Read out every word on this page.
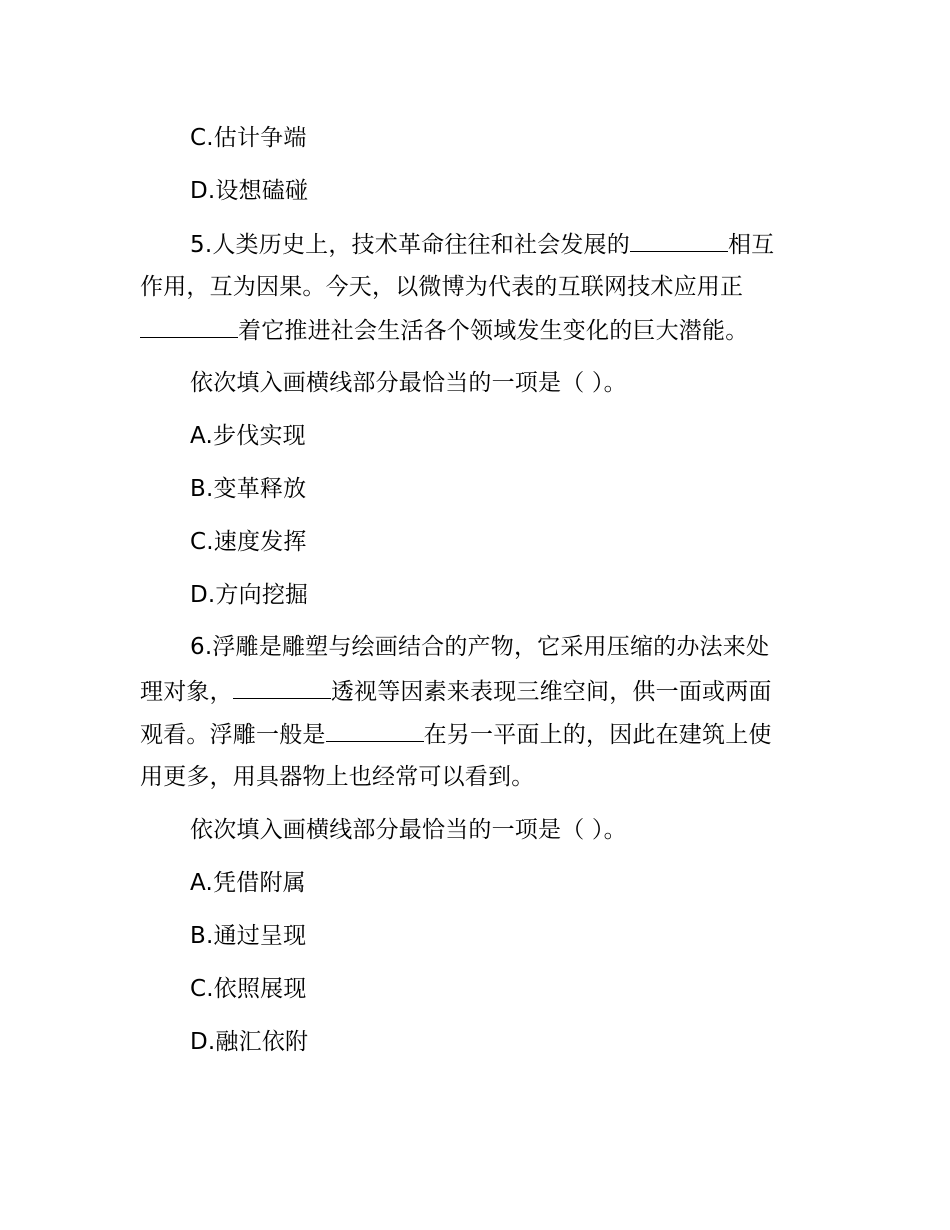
C.估计争端
D.设想磕碰
5.人类历史上，技术革命往往和社会发展的	相互
作用，互为因果。今天，以微博为代表的互联网技术应用正
着它推进社会生活各个领域发生变化的巨大潜能。
依次填入画横线部分最恰当的一项是（ ）。
A.步伐实现
B.变革释放
C.速度发挥
D.方向挖掘
6.浮雕是雕塑与绘画结合的产物，它采用压缩的办法来处
理对象，	透视等因素来表现三维空间，供一面或两面
观看。浮雕一般是	在另一平面上的，因此在建筑上使
用更多，用具器物上也经常可以看到。
依次填入画横线部分最恰当的一项是（ ）。
A.凭借附属
B.通过呈现
C.依照展现
D.融汇依附
